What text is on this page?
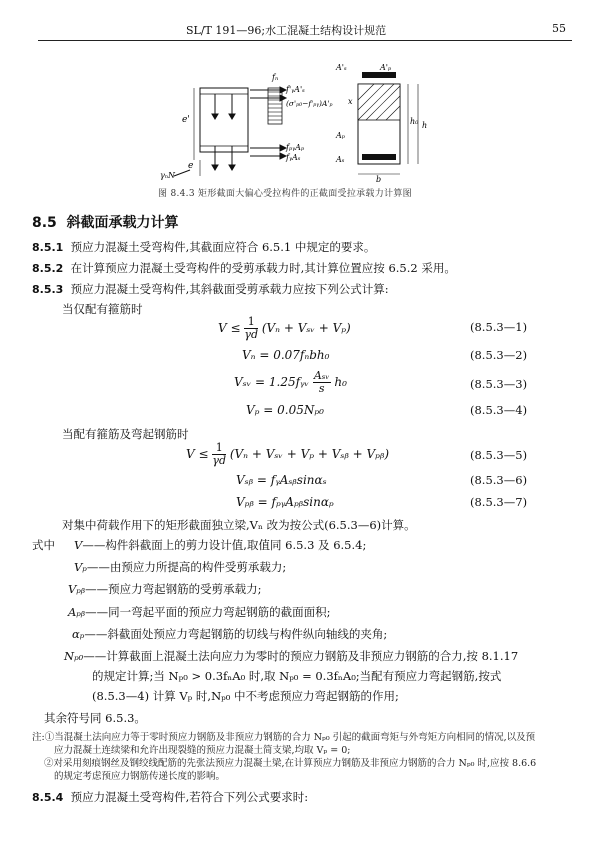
SL/T 191—96;水工混凝土结构设计规范	55
e'
e
γₙN
fₙ
f'ᵧA'ₛ
(σ'ₚ₀−f'ₚᵧ)A'ₚ
fₚᵧAₚ
fᵧAₛ
A'ₛ	A'ₚ
Aₚ
Aₛ
x
h₀ h
b
图 8.4.3 矩形截面大偏心受拉构件的正截面受拉承载力计算图
8.5 斜截面承载力计算
8.5.1 预应力混凝土受弯构件,其截面应符合 6.5.1 中规定的要求。
8.5.2 在计算预应力混凝土受弯构件的受剪承载力时,其计算位置应按 6.5.2 采用。
8.5.3 预应力混凝土受弯构件,其斜截面受剪承载力应按下列公式计算:
当仅配有箍筋时
$V \le \frac{1}{\gamma d} (V_n$ + Vₛᵥ + Vₚ)	(8.5.3—1)
Vₙ = 0.07fₙbh₀	(8.5.3—2)
Vₛᵥ = 1.25fᵧᵥ $\frac{\text{Aₛᵥ}}{s} h_0$	(8.5.3—3)
Vₚ = 0.05Nₚ₀	(8.5.3—4)
当配有箍筋及弯起钢筋时
$V \le \frac{1}{\gamma d} (V_n$ + Vₛᵥ + Vₚ + Vₛᵦ + Vₚᵦ)	(8.5.3—5)
Vₛᵦ = fᵧAₛᵦsinαₛ	(8.5.3—6)
Vₚᵦ = fₚᵧAₚᵦsinαₚ	(8.5.3—7)
对集中荷载作用下的矩形截面独立梁,Vₙ 改为按公式(6.5.3—6)计算。
式中 V——构件斜截面上的剪力设计值,取值同 6.5.3 及 6.5.4;
Vₚ——由预应力所提高的构件受剪承载力;
Vₚᵦ——预应力弯起钢筋的受剪承载力;
Aₚᵦ——同一弯起平面的预应力弯起钢筋的截面面积;
αₚ——斜截面处预应力弯起钢筋的切线与构件纵向轴线的夹角;
Nₚ₀——计算截面上混凝土法向应力为零时的预应力钢筋及非预应力钢筋的合力,按 8.1.17
的规定计算;当 Nₚ₀ > 0.3fₙA₀ 时,取 Nₚ₀ = 0.3fₙA₀;当配有预应力弯起钢筋,按式
(8.5.3—4) 计算 Vₚ 时,Nₚ₀ 中不考虑预应力弯起钢筋的作用;
其余符号同 6.5.3。
注:①当混凝土法向应力等于零时预应力钢筋及非预应力钢筋的合力 Nₚ₀ 引起的截面弯矩与外弯矩方向相同的情况,以及预
应力混凝土连续梁和允许出现裂缝的预应力混凝土简支梁,均取 Vₚ = 0;
②对采用刻痕钢丝及钢绞线配筋的先张法预应力混凝土梁,在计算预应力钢筋及非预应力钢筋的合力 Nₚ₀ 时,应按 8.6.6
的规定考虑预应力钢筋传递长度的影响。
8.5.4 预应力混凝土受弯构件,若符合下列公式要求时:
